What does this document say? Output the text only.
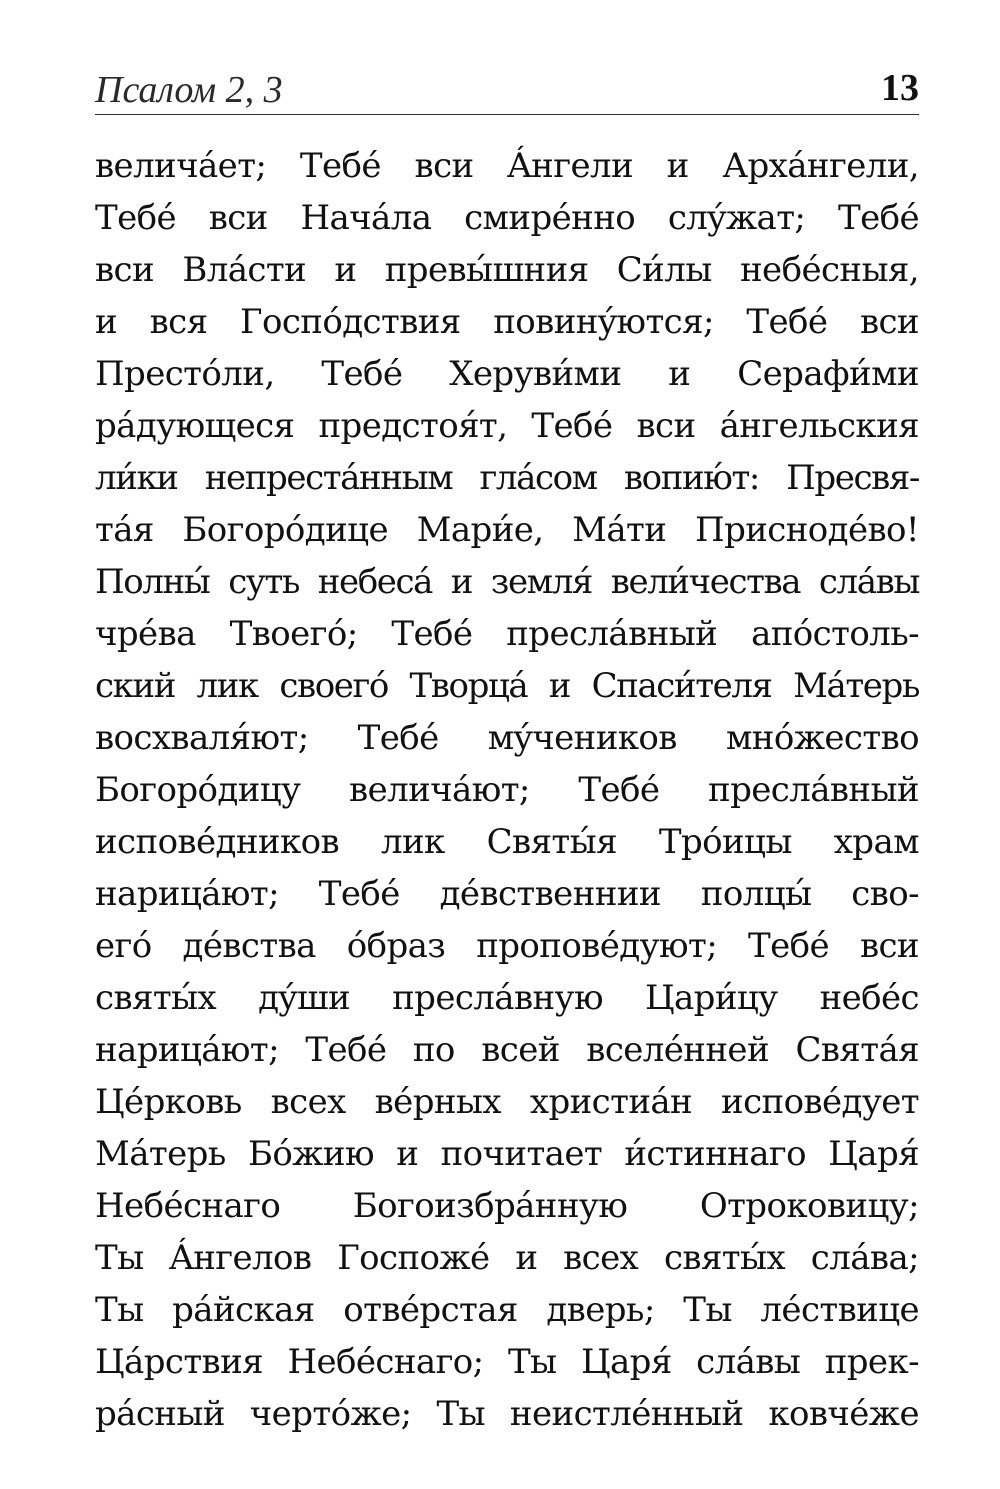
Псалом 2, 3	13
величáет; Тебé вси Áнгели и Архáнгели,
Тебé вси Начáла смирéнно слýжат; Тебé
вси Влáсти и превы́шния Си́лы небéсныя,
и вся Госпóдствия повинýются; Тебé вси
Престóли, Тебé Херуви́ми и Серафи́ми
рáдующеся предстоя́т, Тебé вси áнгельския
ли́ки непрестáнным глáсом вопию́т: Пресвя-
тáя Богорóдице Мари́е, Мáти Приснодéво!
Полны́ суть небесá и земля́ вели́чества слáвы
чрéва Твоегó; Тебé преслáвный апóстоль-
ский лик своегó Творцá и Спаси́теля Мáтерь
восхваля́ют; Тебé мýчеников мнóжество
Богорóдицу величáют; Тебé преслáвный
исповéдников лик Святы́я Трóицы храм
нарицáют; Тебé дéвственнии полцы́ сво-
егó дéвства óбраз проповéдуют; Тебé вси
святы́х дýши преслáвную Цари́цу небéс
нарицáют; Тебé по всей вселéнней Святáя
Цéрковь всех вéрных христиáн исповéдует
Мáтерь Бóжию и почитает и́стиннаго Царя́
Небéснаго Богоизбрáнную Отроковицу;
Ты Áнгелов Госпожé и всех святы́х слáва;
Ты рáйская отвéрстая дверь; Ты лéствице
Цáрствия Небéснаго; Ты Царя́ слáвы прек-
рáсный чертóже; Ты неистлéнный ковчéже
